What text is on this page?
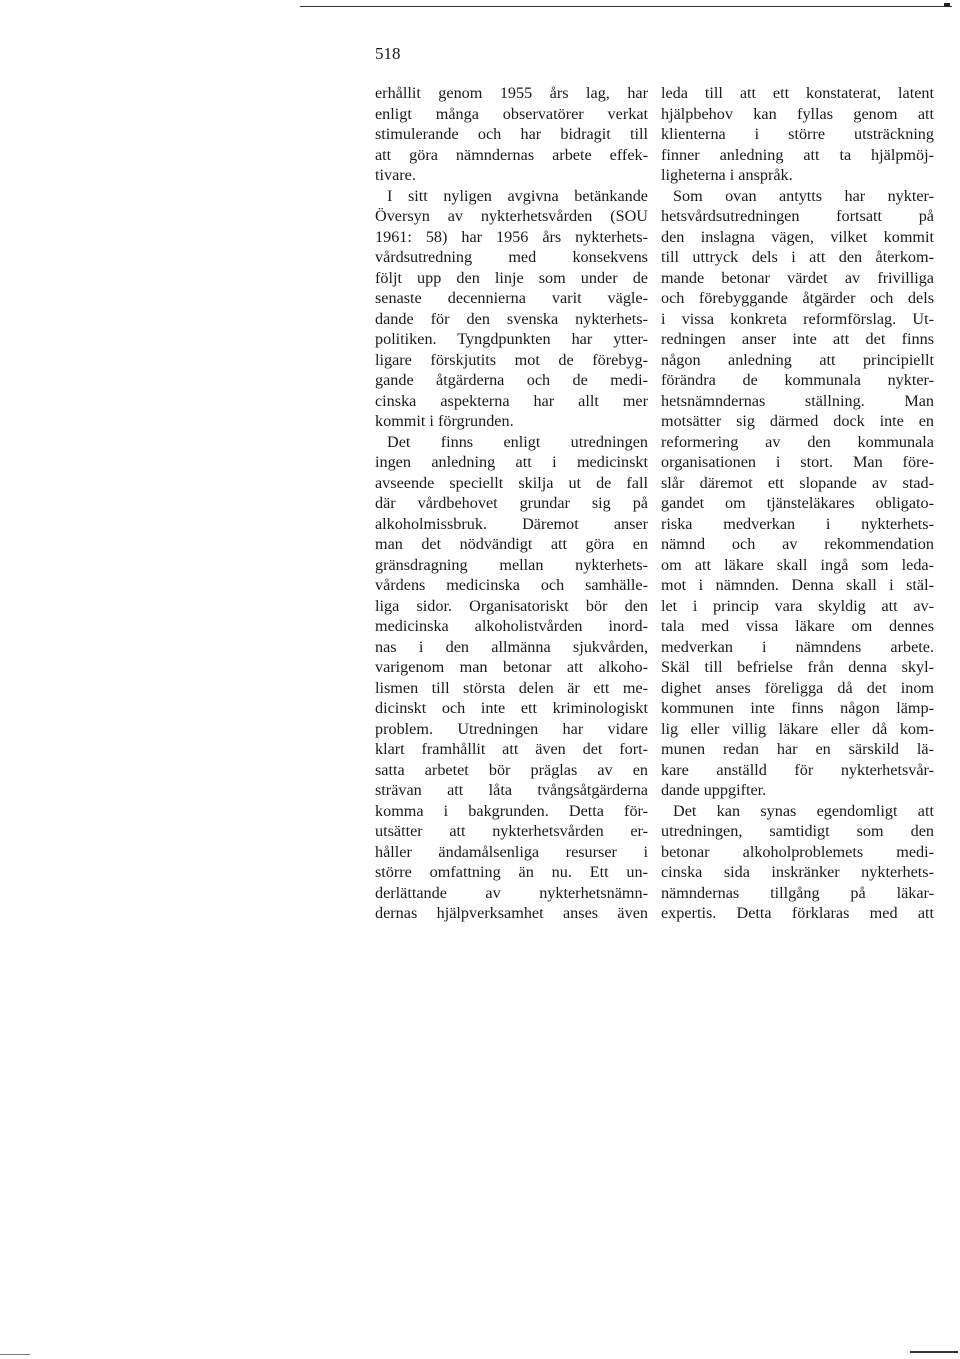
518
erhållit genom 1955 års lag, har
enligt många observatörer verkat
stimulerande och har bidragit till
att göra nämndernas arbete effek-
tivare.
I sitt nyligen avgivna betänkande
Översyn av nykterhetsvården (SOU
1961: 58) har 1956 års nykterhets-
vårdsutredning med konsekvens
följt upp den linje som under de
senaste decennierna varit vägle-
dande för den svenska nykterhets-
politiken. Tyngdpunkten har ytter-
ligare förskjutits mot de förebyg-
gande åtgärderna och de medi-
cinska aspekterna har allt mer
kommit i förgrunden.
Det finns enligt utredningen
ingen anledning att i medicinskt
avseende speciellt skilja ut de fall
där vårdbehovet grundar sig på
alkoholmissbruk. Däremot anser
man det nödvändigt att göra en
gränsdragning mellan nykterhets-
vårdens medicinska och samhälle-
liga sidor. Organisatoriskt bör den
medicinska alkoholistvården inord-
nas i den allmänna sjukvården,
varigenom man betonar att alkoho-
lismen till största delen är ett me-
dicinskt och inte ett kriminologiskt
problem. Utredningen har vidare
klart framhållit att även det fort-
satta arbetet bör präglas av en
strävan att låta tvångsåtgärderna
komma i bakgrunden. Detta för-
utsätter att nykterhetsvården er-
håller ändamålsenliga resurser i
större omfattning än nu. Ett un-
derlättande av nykterhetsnämn-
dernas hjälpverksamhet anses även
leda till att ett konstaterat, latent
hjälpbehov kan fyllas genom att
klienterna i större utsträckning
finner anledning att ta hjälpmöj-
ligheterna i anspråk.
Som ovan antytts har nykter-
hetsvårdsutredningen fortsatt på
den inslagna vägen, vilket kommit
till uttryck dels i att den återkom-
mande betonar värdet av frivilliga
och förebyggande åtgärder och dels
i vissa konkreta reformförslag. Ut-
redningen anser inte att det finns
någon anledning att principiellt
förändra de kommunala nykter-
hetsnämndernas ställning. Man
motsätter sig därmed dock inte en
reformering av den kommunala
organisationen i stort. Man före-
slår däremot ett slopande av stad-
gandet om tjänsteläkares obligato-
riska medverkan i nykterhets-
nämnd och av rekommendation
om att läkare skall ingå som leda-
mot i nämnden. Denna skall i stäl-
let i princip vara skyldig att av-
tala med vissa läkare om dennes
medverkan i nämndens arbete.
Skäl till befrielse från denna skyl-
dighet anses föreligga då det inom
kommunen inte finns någon lämp-
lig eller villig läkare eller då kom-
munen redan har en särskild lä-
kare anställd för nykterhetsvår-
dande uppgifter.
Det kan synas egendomligt att
utredningen, samtidigt som den
betonar alkoholproblemets medi-
cinska sida inskränker nykterhets-
nämndernas tillgång på läkar-
expertis. Detta förklaras med att
